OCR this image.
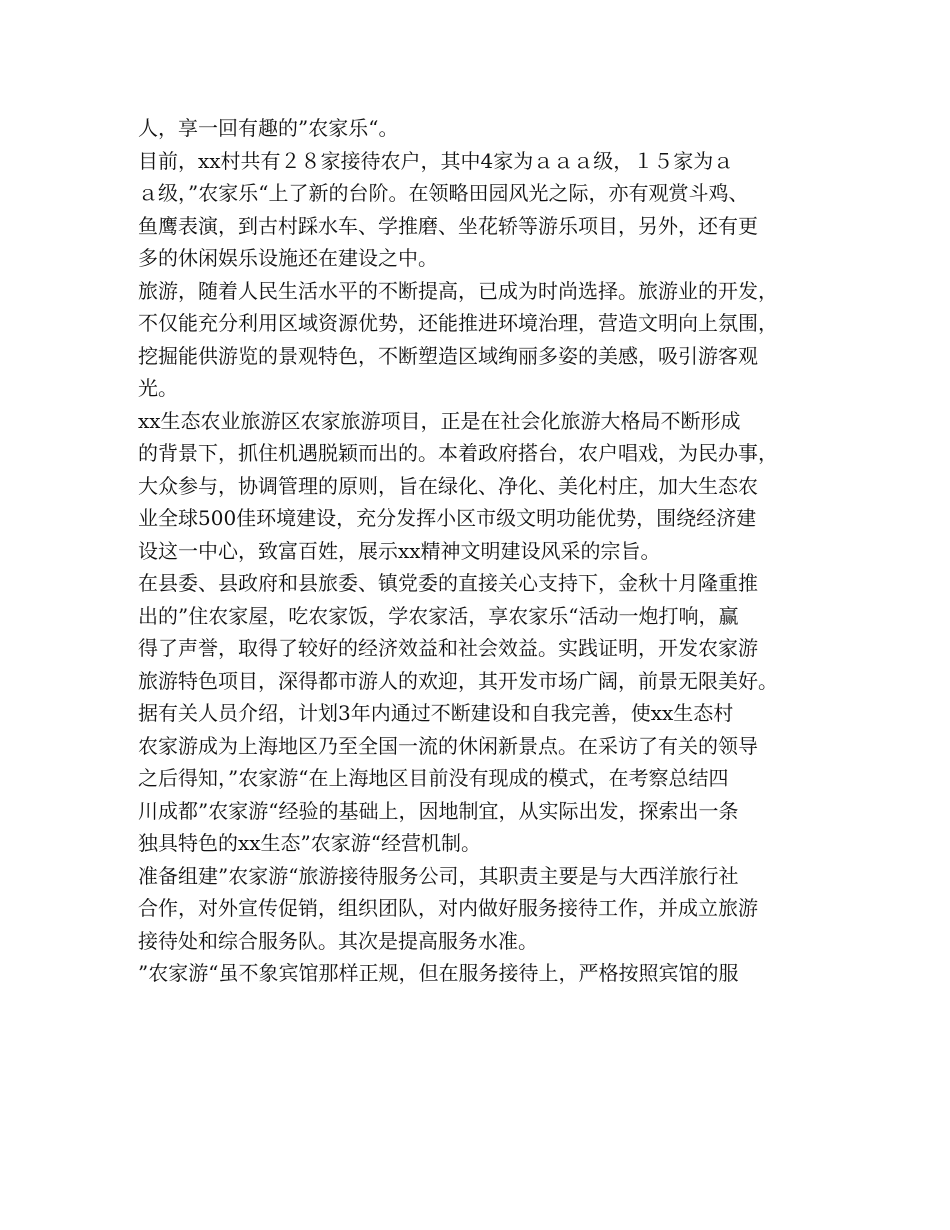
人，享一回有趣的”农家乐“。
目前，xx村共有２８家接待农户，其中4家为ａａａ级，１５家为ａ
ａ级，”农家乐“上了新的台阶。在领略田园风光之际，亦有观赏斗鸡、
鱼鹰表演，到古村踩水车、学推磨、坐花轿等游乐项目，另外，还有更
多的休闲娱乐设施还在建设之中。
旅游，随着人民生活水平的不断提高，已成为时尚选择。旅游业的开发，
不仅能充分利用区域资源优势，还能推进环境治理，营造文明向上氛围，
挖掘能供游览的景观特色，不断塑造区域绚丽多姿的美感，吸引游客观
光。
xx生态农业旅游区农家旅游项目，正是在社会化旅游大格局不断形成
的背景下，抓住机遇脱颖而出的。本着政府搭台，农户唱戏，为民办事，
大众参与，协调管理的原则，旨在绿化、净化、美化村庄，加大生态农
业全球500佳环境建设，充分发挥小区市级文明功能优势，围绕经济建
设这一中心，致富百姓，展示xx精神文明建设风采的宗旨。
在县委、县政府和县旅委、镇党委的直接关心支持下，金秋十月隆重推
出的”住农家屋，吃农家饭，学农家活，享农家乐“活动一炮打响，赢
得了声誉，取得了较好的经济效益和社会效益。实践证明，开发农家游
旅游特色项目，深得都市游人的欢迎，其开发市场广阔，前景无限美好。
据有关人员介绍，计划3年内通过不断建设和自我完善，使xx生态村
农家游成为上海地区乃至全国一流的休闲新景点。在采访了有关的领导
之后得知，”农家游“在上海地区目前没有现成的模式，在考察总结四
川成都”农家游“经验的基础上，因地制宜，从实际出发，探索出一条
独具特色的xx生态”农家游“经营机制。
准备组建”农家游“旅游接待服务公司，其职责主要是与大西洋旅行社
合作，对外宣传促销，组织团队，对内做好服务接待工作，并成立旅游
接待处和综合服务队。其次是提高服务水准。
”农家游“虽不象宾馆那样正规，但在服务接待上，严格按照宾馆的服
